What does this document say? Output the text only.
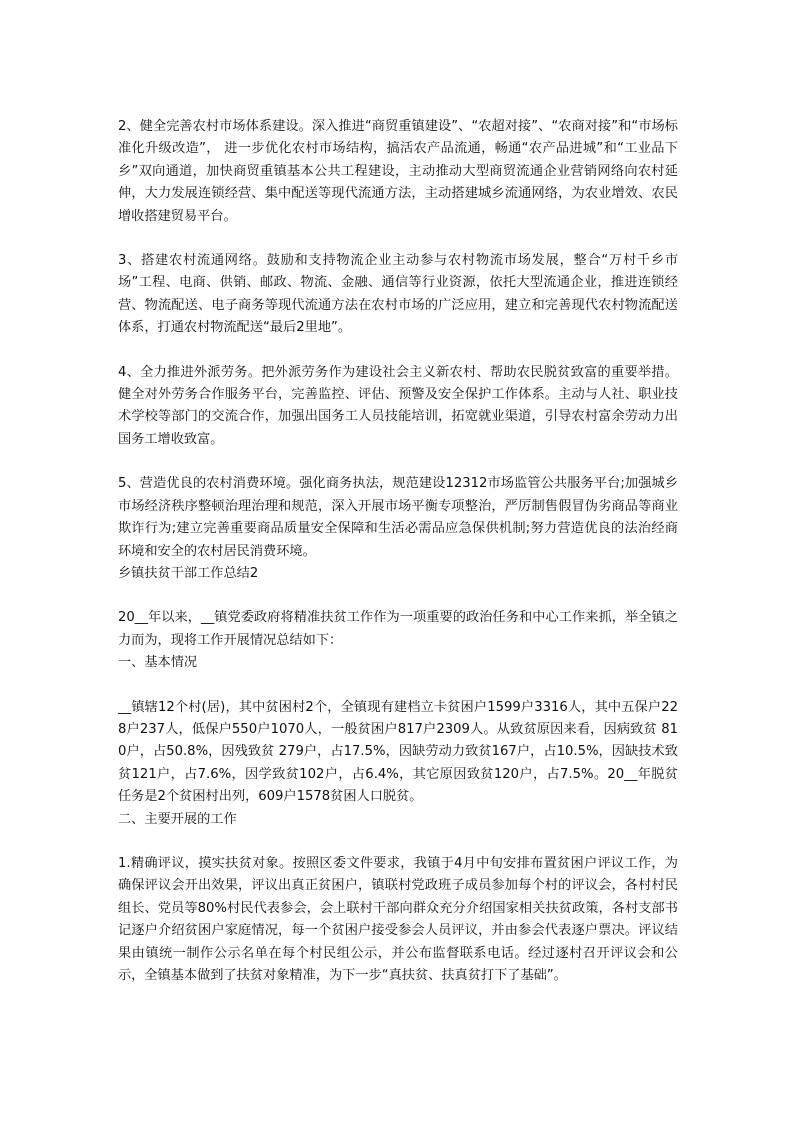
2、健全完善农村市场体系建设。深入推进“商贸重镇建设”、“农超对接”、“农商对接”和“市场标准化升级改造”， 进一步优化农村市场结构，搞活农产品流通，畅通“农产品进城”和“工业品下乡”双向通道，加快商贸重镇基本公共工程建设，主动推动大型商贸流通企业营销网络向农村延伸，大力发展连锁经营、集中配送等现代流通方法，主动搭建城乡流通网络，为农业增效、农民增收搭建贸易平台。

3、搭建农村流通网络。鼓励和支持物流企业主动参与农村物流市场发展，整合“万村千乡市场”工程、电商、供销、邮政、物流、金融、通信等行业资源，依托大型流通企业，推进连锁经营、物流配送、电子商务等现代流通方法在农村市场的广泛应用，建立和完善现代农村物流配送体系，打通农村物流配送“最后2里地”。

4、全力推进外派劳务。把外派劳务作为建设社会主义新农村、帮助农民脱贫致富的重要举措。健全对外劳务合作服务平台，完善监控、评估、预警及安全保护工作体系。主动与人社、职业技术学校等部门的交流合作，加强出国务工人员技能培训，拓宽就业渠道，引导农村富余劳动力出国务工增收致富。

5、营造优良的农村消费环境。强化商务执法，规范建设12312市场监管公共服务平台;加强城乡市场经济秩序整顿治理治理和规范，深入开展市场平衡专项整治，严厉制售假冒伪劣商品等商业欺诈行为;建立完善重要商品质量安全保障和生活必需品应急保供机制;努力营造优良的法治经商环境和安全的农村居民消费环境。

乡镇扶贫干部工作总结2

20__年以来，__镇党委政府将精准扶贫工作作为一项重要的政治任务和中心工作来抓，举全镇之力而为，现将工作开展情况总结如下：

一、基本情况

__镇辖12个村(居)，其中贫困村2个，全镇现有建档立卡贫困户1599户3316人，其中五保户228户237人，低保户550户1070人，一般贫困户817户2309人。从致贫原因来看，因病致贫 810户，占50.8%，因残致贫 279户，占17.5%，因缺劳动力致贫167户，占10.5%，因缺技术致贫121户，占7.6%，因学致贫102户，占6.4%，其它原因致贫120户，占7.5%。20__年脱贫任务是2个贫困村出列，609户1578贫困人口脱贫。

二、主要开展的工作

1.精确评议，摸实扶贫对象。按照区委文件要求，我镇于4月中旬安排布置贫困户评议工作，为确保评议会开出效果，评议出真正贫困户，镇联村党政班子成员参加每个村的评议会，各村村民组长、党员等80%村民代表参会，会上联村干部向群众充分介绍国家相关扶贫政策，各村支部书记逐户介绍贫困户家庭情况，每一个贫困户接受参会人员评议，并由参会代表逐户票决。评议结果由镇统一制作公示名单在每个村民组公示，并公布监督联系电话。经过逐村召开评议会和公示，全镇基本做到了扶贫对象精准，为下一步“真扶贫、扶真贫打下了基础”。
